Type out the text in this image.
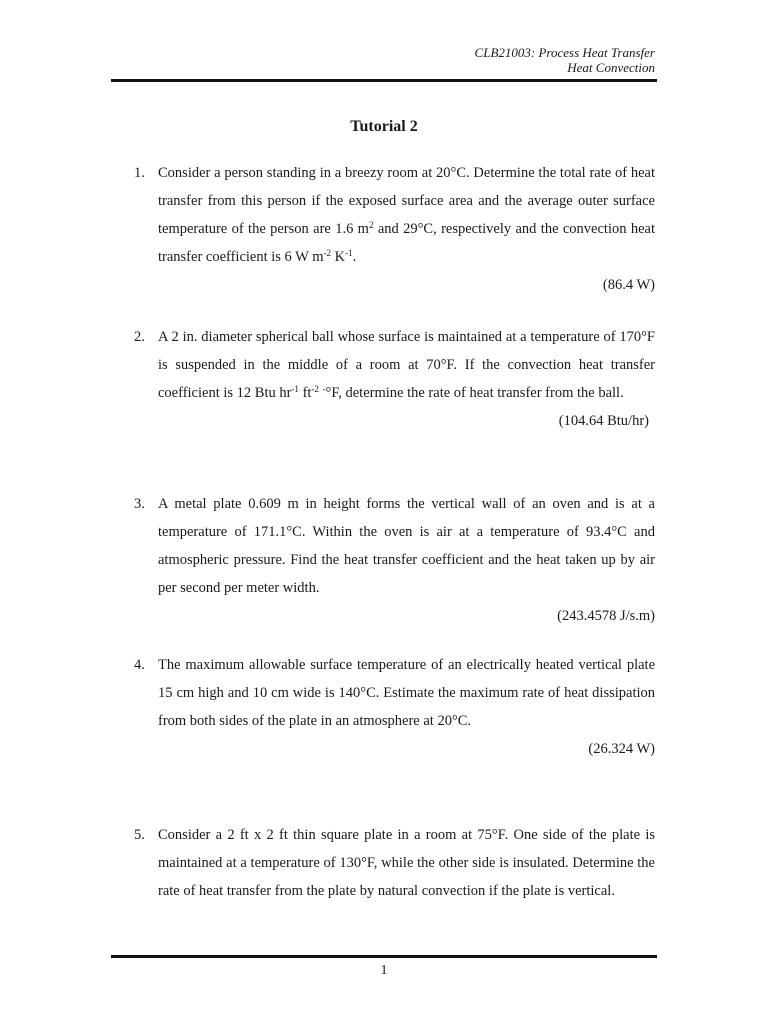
CLB21003: Process Heat Transfer
Heat Convection
Tutorial 2
1. Consider a person standing in a breezy room at 20°C. Determine the total rate of heat transfer from this person if the exposed surface area and the average outer surface temperature of the person are 1.6 $m^2$ and 29°C, respectively and the convection heat transfer coefficient is 6 W $m^{-2}$ $K^{-1}$.
(86.4 W)
2. A 2 in. diameter spherical ball whose surface is maintained at a temperature of 170°F is suspended in the middle of a room at 70°F. If the convection heat transfer coefficient is 12 Btu $hr^{-1}$ $ft^{-2}$ -°F, determine the rate of heat transfer from the ball.
(104.64 Btu/hr)
3. A metal plate 0.609 m in height forms the vertical wall of an oven and is at a temperature of 171.1°C. Within the oven is air at a temperature of 93.4°C and atmospheric pressure. Find the heat transfer coefficient and the heat taken up by air per second per meter width.
(243.4578 J/s.m)
4. The maximum allowable surface temperature of an electrically heated vertical plate 15 cm high and 10 cm wide is 140°C. Estimate the maximum rate of heat dissipation from both sides of the plate in an atmosphere at 20°C.
(26.324 W)
5. Consider a 2 ft x 2 ft thin square plate in a room at 75°F. One side of the plate is maintained at a temperature of 130°F, while the other side is insulated. Determine the rate of heat transfer from the plate by natural convection if the plate is vertical.
1
